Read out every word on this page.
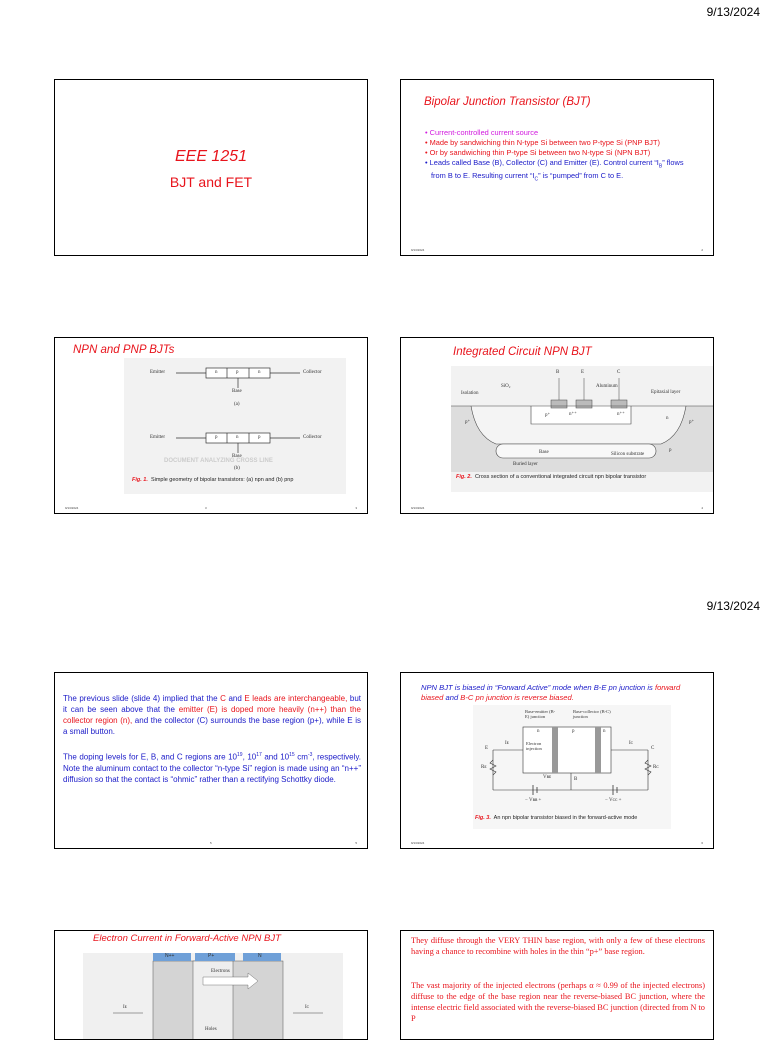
9/13/2024
9/13/2024
EEE 1251
BJT and FET
Bipolar Junction Transistor (BJT)
• Current-controlled current source
• Made by sandwiching thin N-type Si between two P-type Si (PNP BJT)
• Or by sandwiching thin P-type Si between two N-type Si (NPN BJT)
• Leads called Base (B), Collector (C) and Emitter (E). Control current “$I_B$” flows from B to E. Resulting current “$I_C$” is “pumped” from C to E.
9/13/2024	2
NPN and PNP BJTs
Emitter	n	p	n	Collector
Base
(a)
Emitter	p	n	p	Collector
Base
(b)
DOCUMENT ANALYZING CROSS LINE
Fig. 1. Simple geometry of bipolar transistors: (a) npn and (b) pnp
9/13/2024	3	3
Integrated Circuit NPN BJT
B	E	C
Isolation
SiO₂	Aluminum
Epitaxial layer
p⁺
p⁺	n⁺⁺	n⁺⁺
n
p⁺
Buried layer
Base	p
Silicon substrate
Fig. 2. Cross section of a conventional integrated circuit npn bipolar transistor
9/13/2024	4
The previous slide (slide 4) implied that the C and E leads are interchangeable, but it can be seen above that the emitter (E) is doped more heavily (n++) than the collector region (n), and the collector (C) surrounds the base region (p+), while E is a small button.
The doping levels for E, B, and C regions are $10^{19}$, $10^{17}$ and $10^{15}$ $cm^{-3}$, respectively. Note the aluminum contact to the collector “n-type Si” region is made using an “n++” diffusion so that the contact is “ohmic” rather than a rectifying Schottky diode.
5	5
NPN BJT is biased in “Forward Active” mode when B-E pn junction is forward biased and B-C pn junction is reverse biased.
Base-emitter (B-E) junction
Base-collector (B-C) junction
n	p	n
Electron injection
E	C
Iᴇ	Iᴄ
Rᴇ	Rᴄ
B
Vʙᴇ
− Vʙʙ +	− Vᴄᴄ +
Fig. 3. An npn bipolar transistor biased in the forward-active mode
9/13/2024	6
Electron Current in Forward-Active NPN BJT
N++	P+	N
Electrons
Holes
Iᴇ	Iᴄ
They diffuse through the VERY THIN base region, with only a few of these electrons having a chance to recombine with holes in the thin “p+” base region.
The vast majority of the injected electrons (perhaps α ≈ 0.99 of the injected electrons) diffuse to the edge of the base region near the reverse-biased BC junction, where the intense electric field associated with the reverse-biased BC junction (directed from N to P
